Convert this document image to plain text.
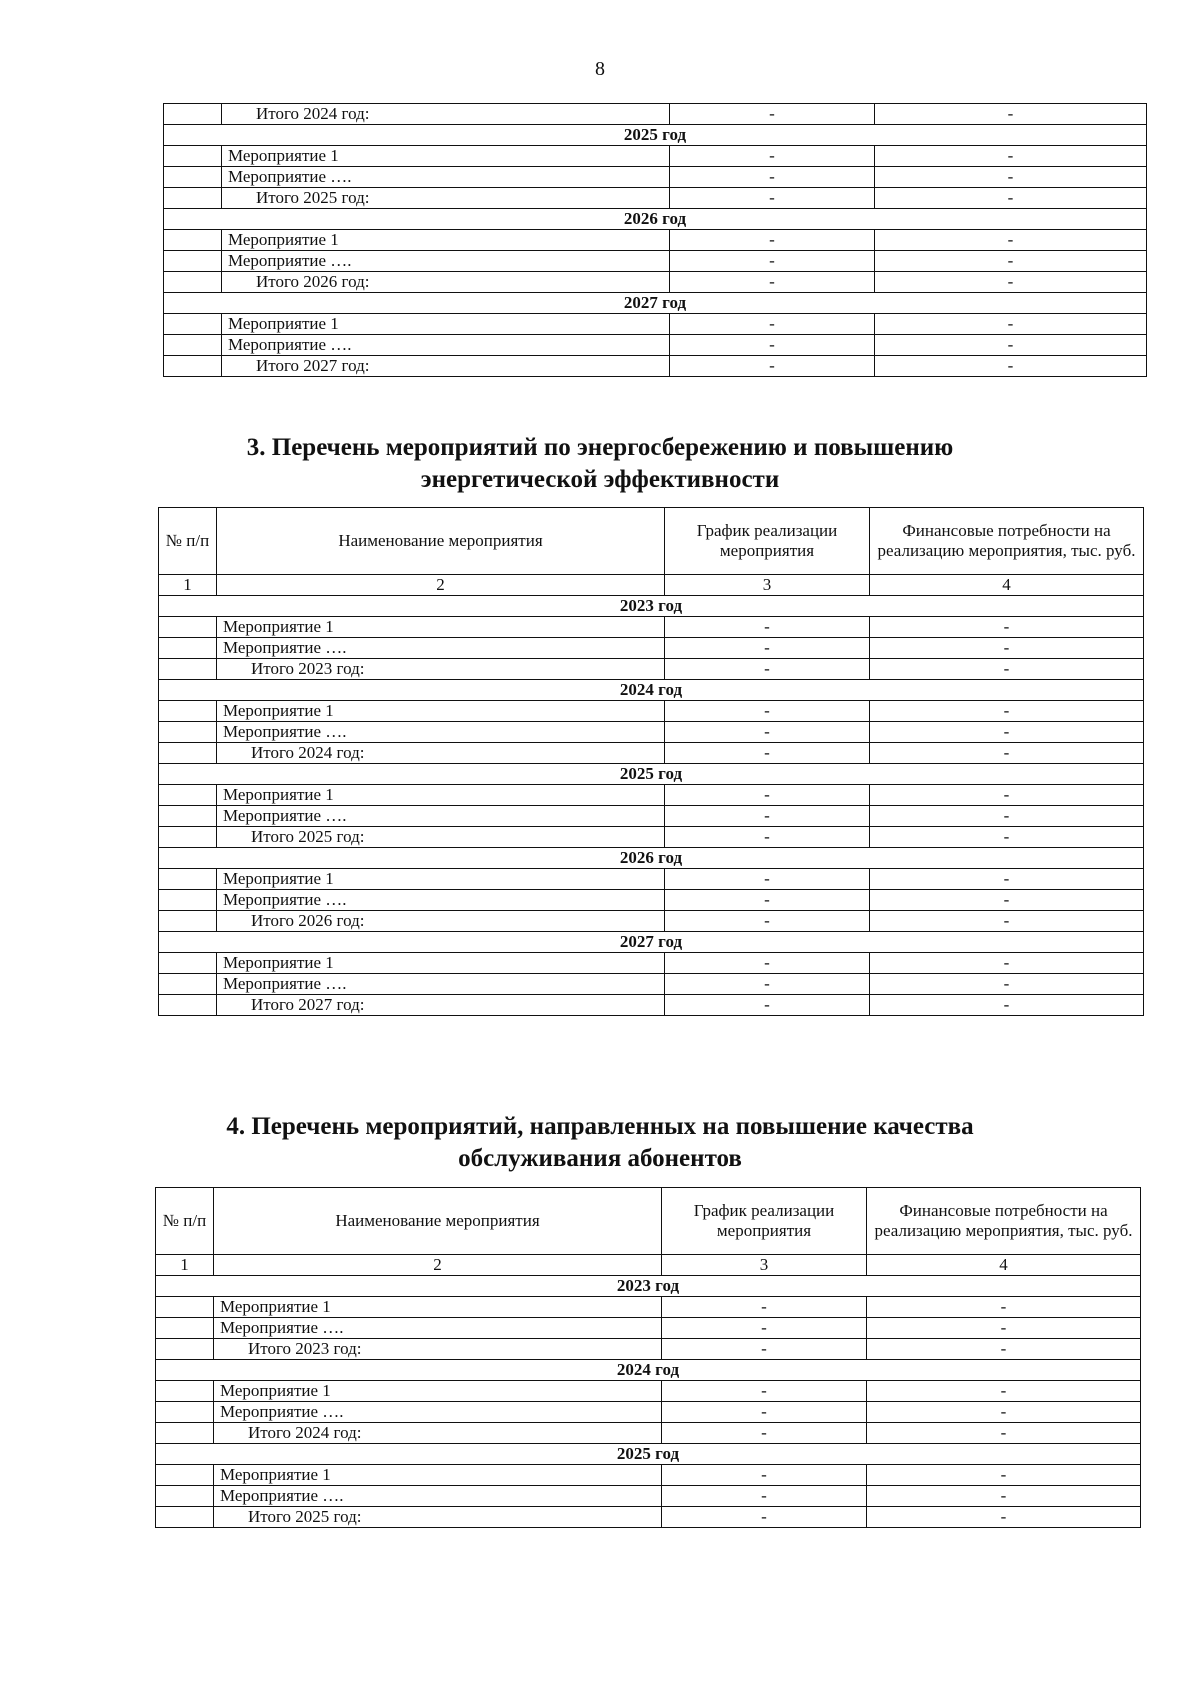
8
	Итого 2024 год:	-	-
2025 год			
	Мероприятие 1	-	-
	Мероприятие ….	-	-
	Итого 2025 год:	-	-
2026 год			
	Мероприятие 1	-	-
	Мероприятие ….	-	-
	Итого 2026 год:	-	-
2027 год			
	Мероприятие 1	-	-
	Мероприятие ….	-	-
	Итого 2027 год:	-	-
3. Перечень мероприятий по энергосбережению и повышению
энергетической эффективности
№ п/п	Наименование мероприятия	График реализации мероприятия	Финансовые потребности на реализацию мероприятия, тыс. руб.
1	2	3	4
2023 год			
	Мероприятие 1	-	-
	Мероприятие ….	-	-
	Итого 2023 год:	-	-
2024 год			
	Мероприятие 1	-	-
	Мероприятие ….	-	-
	Итого 2024 год:	-	-
2025 год			
	Мероприятие 1	-	-
	Мероприятие ….	-	-
	Итого 2025 год:	-	-
2026 год			
	Мероприятие 1	-	-
	Мероприятие ….	-	-
	Итого 2026 год:	-	-
2027 год			
	Мероприятие 1	-	-
	Мероприятие ….	-	-
	Итого 2027 год:	-	-
4. Перечень мероприятий, направленных на повышение качества
обслуживания абонентов
№ п/п	Наименование мероприятия	График реализации мероприятия	Финансовые потребности на реализацию мероприятия, тыс. руб.
1	2	3	4
2023 год			
	Мероприятие 1	-	-
	Мероприятие ….	-	-
	Итого 2023 год:	-	-
2024 год			
	Мероприятие 1	-	-
	Мероприятие ….	-	-
	Итого 2024 год:	-	-
2025 год			
	Мероприятие 1	-	-
	Мероприятие ….	-	-
	Итого 2025 год:	-	-
